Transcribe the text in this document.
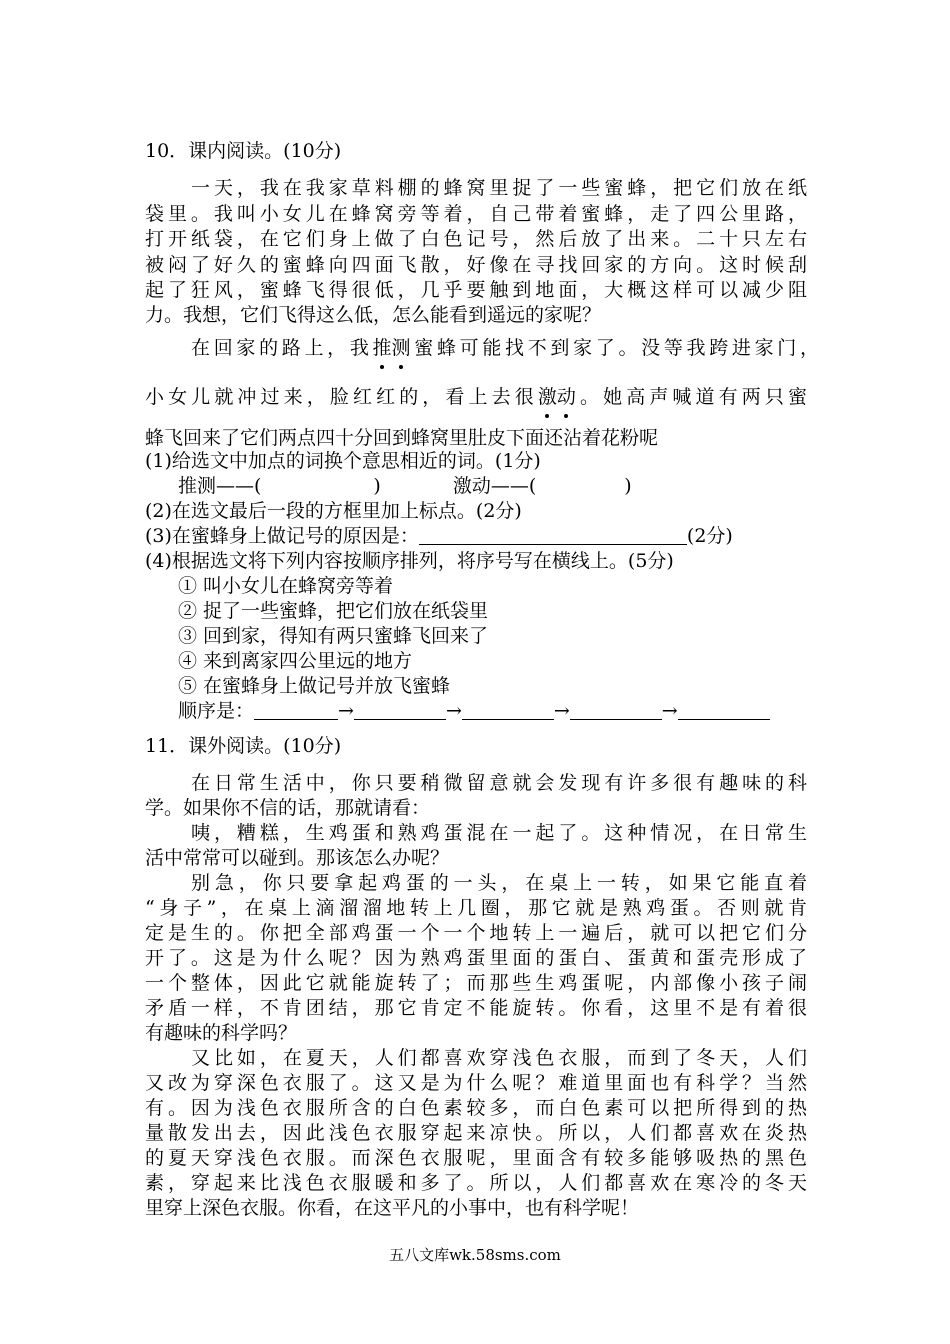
10．课内阅读。(10分)
一天，我在我家草料棚的蜂窝里捉了一些蜜蜂，把它们放在纸
袋里。我叫小女儿在蜂窝旁等着，自己带着蜜蜂，走了四公里路，
打开纸袋，在它们身上做了白色记号，然后放了出来。二十只左右
被闷了好久的蜜蜂向四面飞散，好像在寻找回家的方向。这时候刮
起了狂风，蜜蜂飞得很低，几乎要触到地面，大概这样可以减少阻
力。我想，它们飞得这么低，怎么能看到遥远的家呢？
在回家的路上，我推测蜜蜂可能找不到家了。没等我跨进家门，
小女儿就冲过来，脸红红的，看上去很激动。她高声喊道有两只蜜
蜂飞回来了它们两点四十分回到蜂窝里肚皮下面还沾着花粉呢
(1)给选文中加点的词换个意思相近的词。(1分)
推测——(	)	激动——(	)
(2)在选文最后一段的方框里加上标点。(2分)
(3)在蜜蜂身上做记号的原因是：	(2分)
(4)根据选文将下列内容按顺序排列，将序号写在横线上。(5分)
① 叫小女儿在蜂窝旁等着
② 捉了一些蜜蜂，把它们放在纸袋里
③ 回到家，得知有两只蜜蜂飞回来了
④ 来到离家四公里远的地方
⑤ 在蜜蜂身上做记号并放飞蜜蜂
顺序是：	→	→	→	→
11．课外阅读。(10分)
在日常生活中，你只要稍微留意就会发现有许多很有趣味的科
学。如果你不信的话，那就请看：
咦，糟糕，生鸡蛋和熟鸡蛋混在一起了。这种情况，在日常生
活中常常可以碰到。那该怎么办呢？
别急，你只要拿起鸡蛋的一头，在桌上一转，如果它能直着
“身子”，在桌上滴溜溜地转上几圈，那它就是熟鸡蛋。否则就肯
定是生的。你把全部鸡蛋一个一个地转上一遍后，就可以把它们分
开了。这是为什么呢？因为熟鸡蛋里面的蛋白、蛋黄和蛋壳形成了
一个整体，因此它就能旋转了；而那些生鸡蛋呢，内部像小孩子闹
矛盾一样，不肯团结，那它肯定不能旋转。你看，这里不是有着很
有趣味的科学吗？
又比如，在夏天，人们都喜欢穿浅色衣服，而到了冬天，人们
又改为穿深色衣服了。这又是为什么呢？难道里面也有科学？当然
有。因为浅色衣服所含的白色素较多，而白色素可以把所得到的热
量散发出去，因此浅色衣服穿起来凉快。所以，人们都喜欢在炎热
的夏天穿浅色衣服。而深色衣服呢，里面含有较多能够吸热的黑色
素，穿起来比浅色衣服暖和多了。所以，人们都喜欢在寒冷的冬天
里穿上深色衣服。你看，在这平凡的小事中，也有科学呢！
五八文库wk.58sms.com
